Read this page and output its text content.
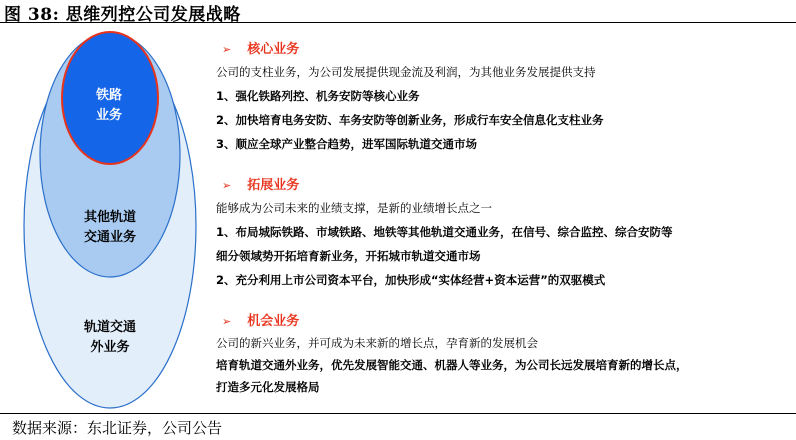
图 38: 思维列控公司发展战略
铁路
业务
其他轨道
交通业务
轨道交通
外业务
➢ 核心业务
公司的支柱业务，为公司发展提供现金流及利润，为其他业务发展提供支持
1、强化铁路列控、机务安防等核心业务
2、加快培育电务安防、车务安防等创新业务，形成行车安全信息化支柱业务
3、顺应全球产业整合趋势，进军国际轨道交通市场
➢ 拓展业务
能够成为公司未来的业绩支撑，是新的业绩增长点之一
1、布局城际铁路、市域铁路、地铁等其他轨道交通业务，在信号、综合监控、综合安防等
细分领域势开拓培育新业务，开拓城市轨道交通市场
2、充分利用上市公司资本平台，加快形成“实体经营+资本运营”的双驱模式
➢ 机会业务
公司的新兴业务，并可成为未来新的增长点，孕育新的发展机会
培育轨道交通外业务，优先发展智能交通、机器人等业务，为公司长远发展培育新的增长点，
打造多元化发展格局
数据来源：东北证券，公司公告
